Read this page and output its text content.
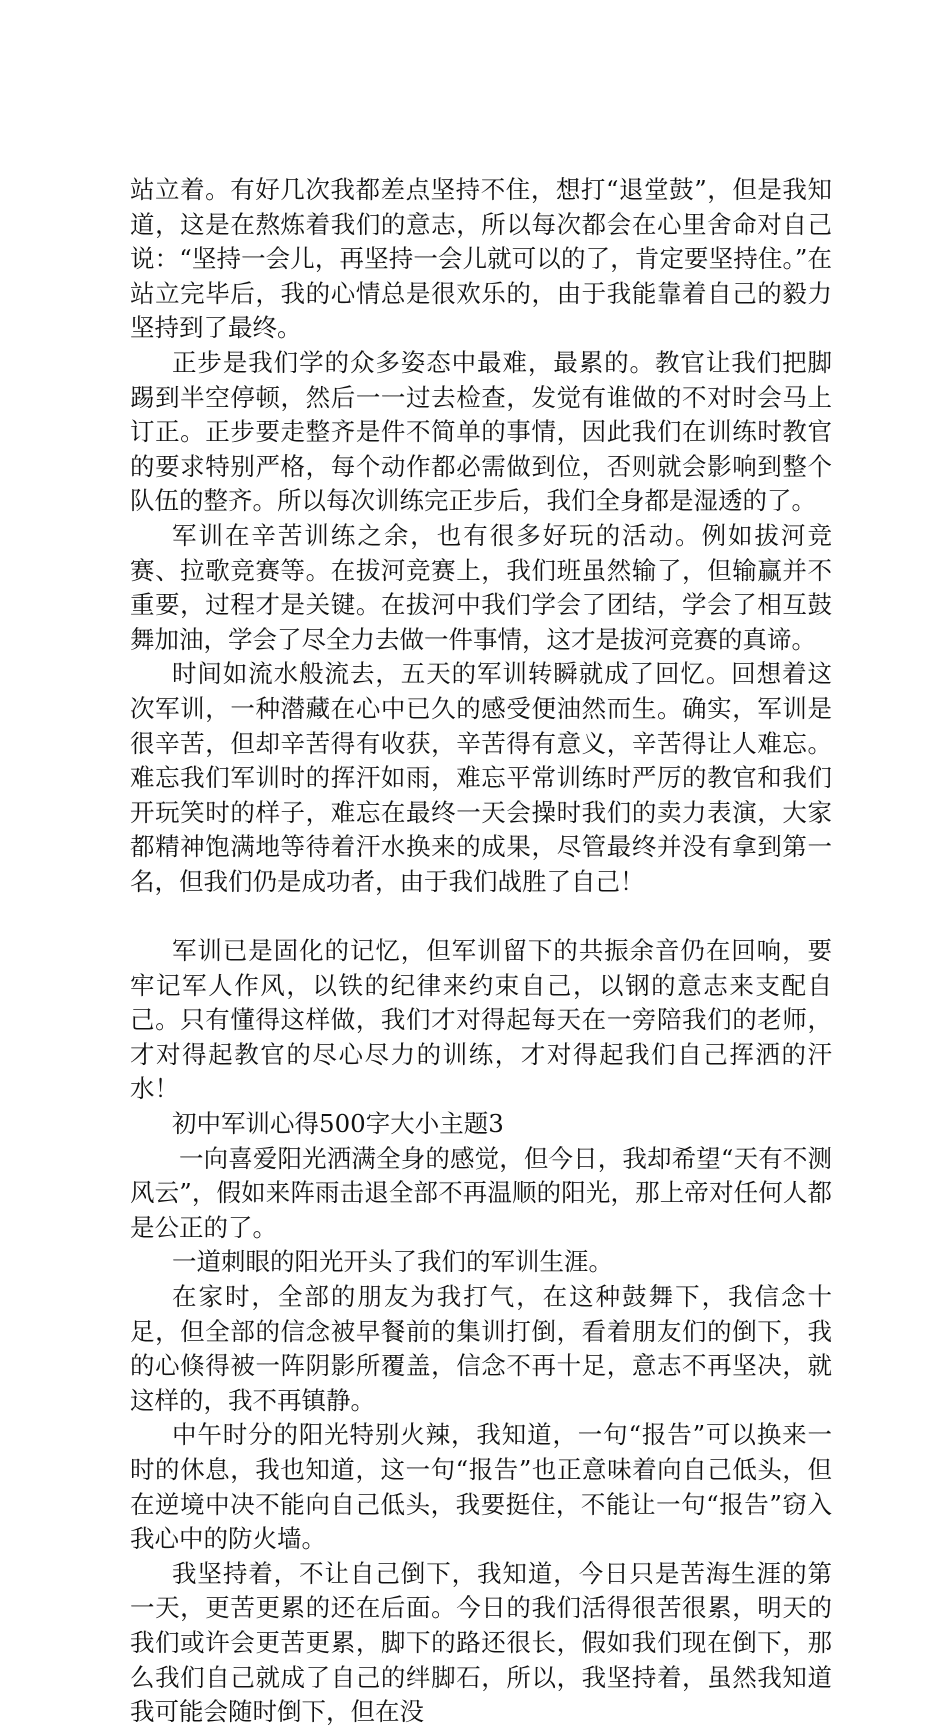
站立着。有好几次我都差点坚持不住，想打“退堂鼓”，但是我知道，这是在熬炼着我们的意志，所以每次都会在心里舍命对自己说：“坚持一会儿，再坚持一会儿就可以的了，肯定要坚持住。”在站立完毕后，我的心情总是很欢乐的，由于我能靠着自己的毅力坚持到了最终。

正步是我们学的众多姿态中最难，最累的。教官让我们把脚踢到半空停顿，然后一一过去检查，发觉有谁做的不对时会马上订正。正步要走整齐是件不简单的事情，因此我们在训练时教官的要求特别严格，每个动作都必需做到位，否则就会影响到整个队伍的整齐。所以每次训练完正步后，我们全身都是湿透的了。

军训在辛苦训练之余，也有很多好玩的活动。例如拔河竞赛、拉歌竞赛等。在拔河竞赛上，我们班虽然输了，但输赢并不重要，过程才是关键。在拔河中我们学会了团结，学会了相互鼓舞加油，学会了尽全力去做一件事情，这才是拔河竞赛的真谛。

时间如流水般流去，五天的军训转瞬就成了回忆。回想着这次军训，一种潜藏在心中已久的感受便油然而生。确实，军训是很辛苦，但却辛苦得有收获，辛苦得有意义，辛苦得让人难忘。难忘我们军训时的挥汗如雨，难忘平常训练时严厉的教官和我们开玩笑时的样子，难忘在最终一天会操时我们的卖力表演，大家都精神饱满地等待着汗水换来的成果，尽管最终并没有拿到第一名，但我们仍是成功者，由于我们战胜了自己！

军训已是固化的记忆，但军训留下的共振余音仍在回响，要牢记军人作风，以铁的纪律来约束自己，以钢的意志来支配自己。只有懂得这样做，我们才对得起每天在一旁陪我们的老师，才对得起教官的尽心尽力的训练，才对得起我们自己挥洒的汗水！

初中军训心得500字大小主题3

一向喜爱阳光洒满全身的感觉，但今日，我却希望“天有不测风云”，假如来阵雨击退全部不再温顺的阳光，那上帝对任何人都是公正的了。

一道刺眼的阳光开头了我们的军训生涯。

在家时，全部的朋友为我打气，在这种鼓舞下，我信念十足，但全部的信念被早餐前的集训打倒，看着朋友们的倒下，我的心倏得被一阵阴影所覆盖，信念不再十足，意志不再坚决，就这样的，我不再镇静。

中午时分的阳光特别火辣，我知道，一句“报告”可以换来一时的休息，我也知道，这一句“报告”也正意味着向自己低头，但在逆境中决不能向自己低头，我要挺住，不能让一句“报告”窃入我心中的防火墙。

我坚持着，不让自己倒下，我知道，今日只是苦海生涯的第一天，更苦更累的还在后面。今日的我们活得很苦很累，明天的我们或许会更苦更累，脚下的路还很长，假如我们现在倒下，那么我们自己就成了自己的绊脚石，所以，我坚持着，虽然我知道我可能会随时倒下，但在没
